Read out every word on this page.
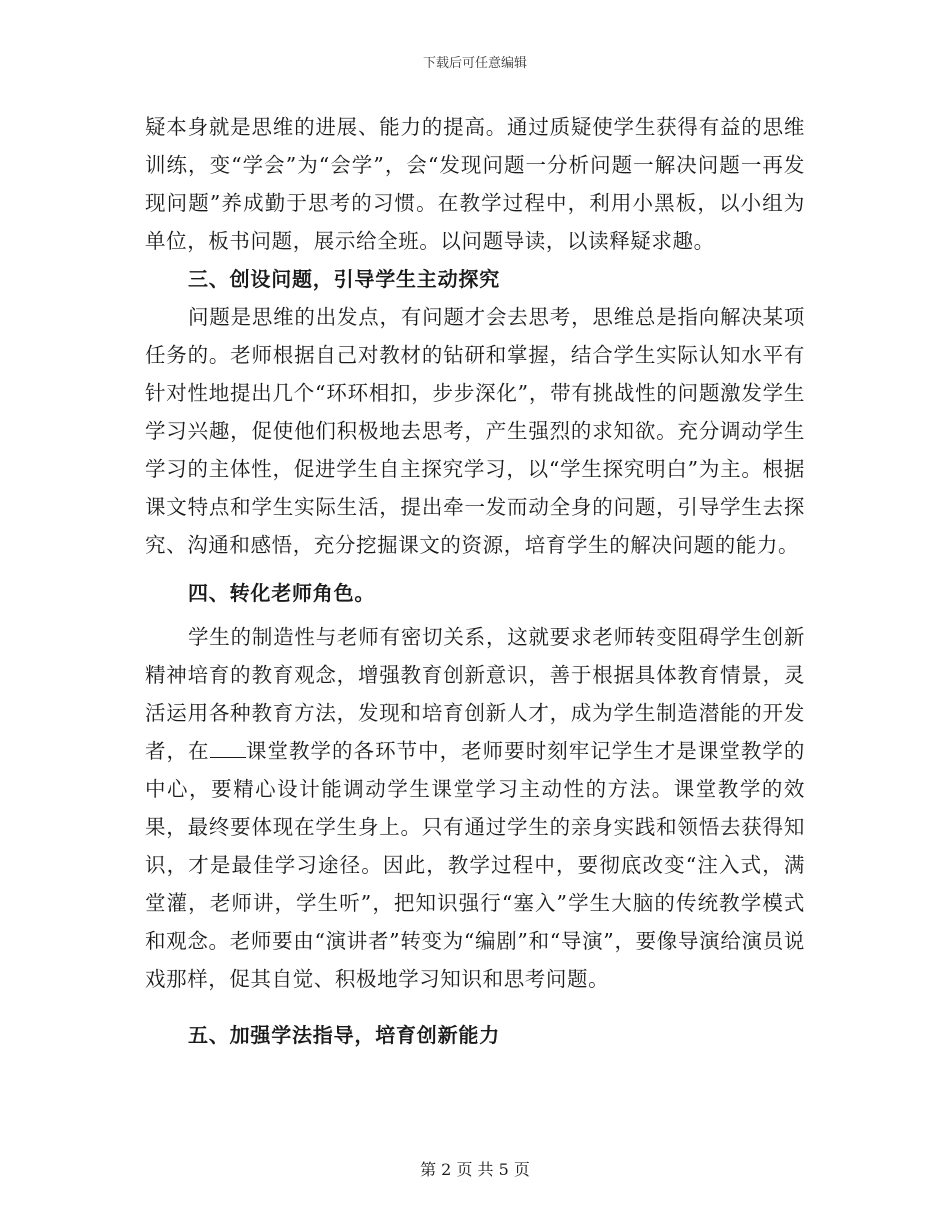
下载后可任意编辑

疑本身就是思维的进展、能力的提高。通过质疑使学生获得有益的思维训练，变“学会”为“会学”，会“发现问题一分析问题一解决问题一再发现问题”养成勤于思考的习惯。在教学过程中，利用小黑板，以小组为单位，板书问题，展示给全班。以问题导读，以读释疑求趣。

三、创设问题，引导学生主动探究

问题是思维的出发点，有问题才会去思考，思维总是指向解决某项任务的。老师根据自己对教材的钻研和掌握，结合学生实际认知水平有针对性地提出几个“环环相扣，步步深化”，带有挑战性的问题激发学生学习兴趣，促使他们积极地去思考，产生强烈的求知欲。充分调动学生学习的主体性，促进学生自主探究学习，以“学生探究明白”为主。根据课文特点和学生实际生活，提出牵一发而动全身的问题，引导学生去探究、沟通和感悟，充分挖掘课文的资源，培育学生的解决问题的能力。

四、转化老师角色。

学生的制造性与老师有密切关系，这就要求老师转变阻碍学生创新精神培育的教育观念，增强教育创新意识，善于根据具体教育情景，灵活运用各种教育方法，发现和培育创新人才，成为学生制造潜能的开发者，在 课堂教学的各环节中，老师要时刻牢记学生才是课堂教学的中心，要精心设计能调动学生课堂学习主动性的方法。课堂教学的效果，最终要体现在学生身上。只有通过学生的亲身实践和领悟去获得知识，才是最佳学习途径。因此，教学过程中，要彻底改变“注入式，满堂灌，老师讲，学生听”，把知识强行“塞入”学生大脑的传统教学模式和观念。老师要由“演讲者”转变为“编剧”和“导演”，要像导演给演员说戏那样，促其自觉、积极地学习知识和思考问题。

五、加强学法指导，培育创新能力

第 2 页 共 5 页
